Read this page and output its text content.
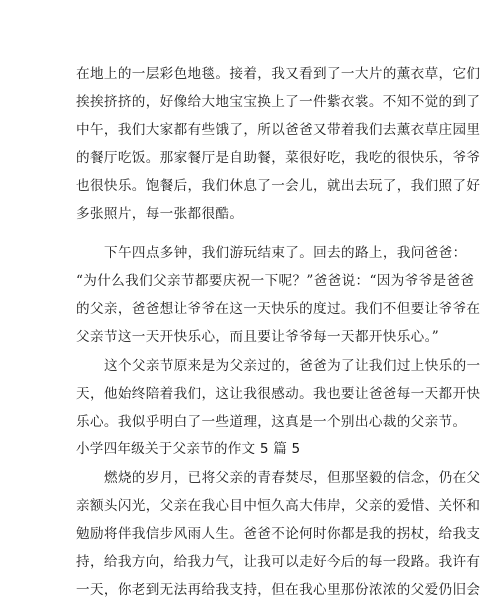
在地上的一层彩色地毯。接着，我又看到了一大片的薰衣草，它们
挨挨挤挤的，好像给大地宝宝换上了一件紫衣裳。不知不觉的到了
中午，我们大家都有些饿了，所以爸爸又带着我们去薰衣草庄园里
的餐厅吃饭。那家餐厅是自助餐，菜很好吃，我吃的很快乐，爷爷
也很快乐。饱餐后，我们休息了一会儿，就出去玩了，我们照了好
多张照片，每一张都很酷。
下午四点多钟，我们游玩结束了。回去的路上，我问爸爸：
“为什么我们父亲节都要庆祝一下呢？”爸爸说：“因为爷爷是爸爸
的父亲，爸爸想让爷爷在这一天快乐的度过。我们不但要让爷爷在
父亲节这一天开快乐心，而且要让爷爷每一天都开快乐心。”
这个父亲节原来是为父亲过的，爸爸为了让我们过上快乐的一
天，他始终陪着我们，这让我很感动。我也要让爸爸每一天都开快
乐心。我似乎明白了一些道理，这真是一个别出心裁的父亲节。
小学四年级关于父亲节的作文 5 篇 5
燃烧的岁月，已将父亲的青春焚尽，但那坚毅的信念，仍在父
亲额头闪光，父亲在我心目中恒久高大伟岸，父亲的爱惜、关怀和
勉励将伴我信步风雨人生。爸爸不论何时你都是我的拐杖，给我支
持，给我方向，给我力气，让我可以走好今后的每一段路。我许有
一天，你老到无法再给我支持，但在我心里那份浓浓的父爱仍旧会
